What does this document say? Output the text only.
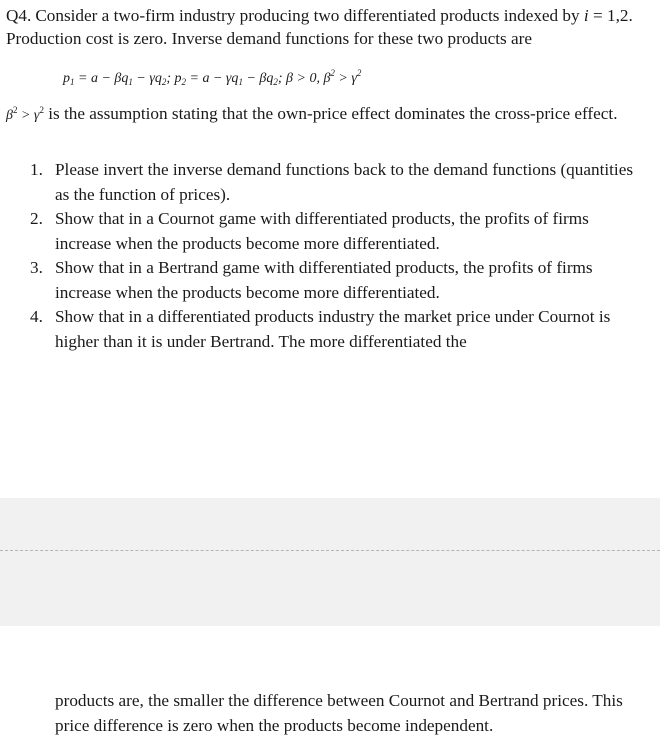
Q4. Consider a two-firm industry producing two differentiated products indexed by i = 1,2. Production cost is zero. Inverse demand functions for these two products are

$p_1 = a - \beta q_1 - \gamma q_2$; $p_2 = a - \gamma q_1 - \beta q_2$; β > 0, $\beta^2 > \gamma^2$

$\beta^2 > \gamma^2$ is the assumption stating that the own-price effect dominates the cross-price effect.

1. Please invert the inverse demand functions back to the demand functions (quantities as the function of prices).
2. Show that in a Cournot game with differentiated products, the profits of firms increase when the products become more differentiated.
3. Show that in a Bertrand game with differentiated products, the profits of firms increase when the products become more differentiated.
4. Show that in a differentiated products industry the market price under Cournot is higher than it is under Bertrand. The more differentiated the

products are, the smaller the difference between Cournot and Bertrand prices. This price difference is zero when the products become independent.
